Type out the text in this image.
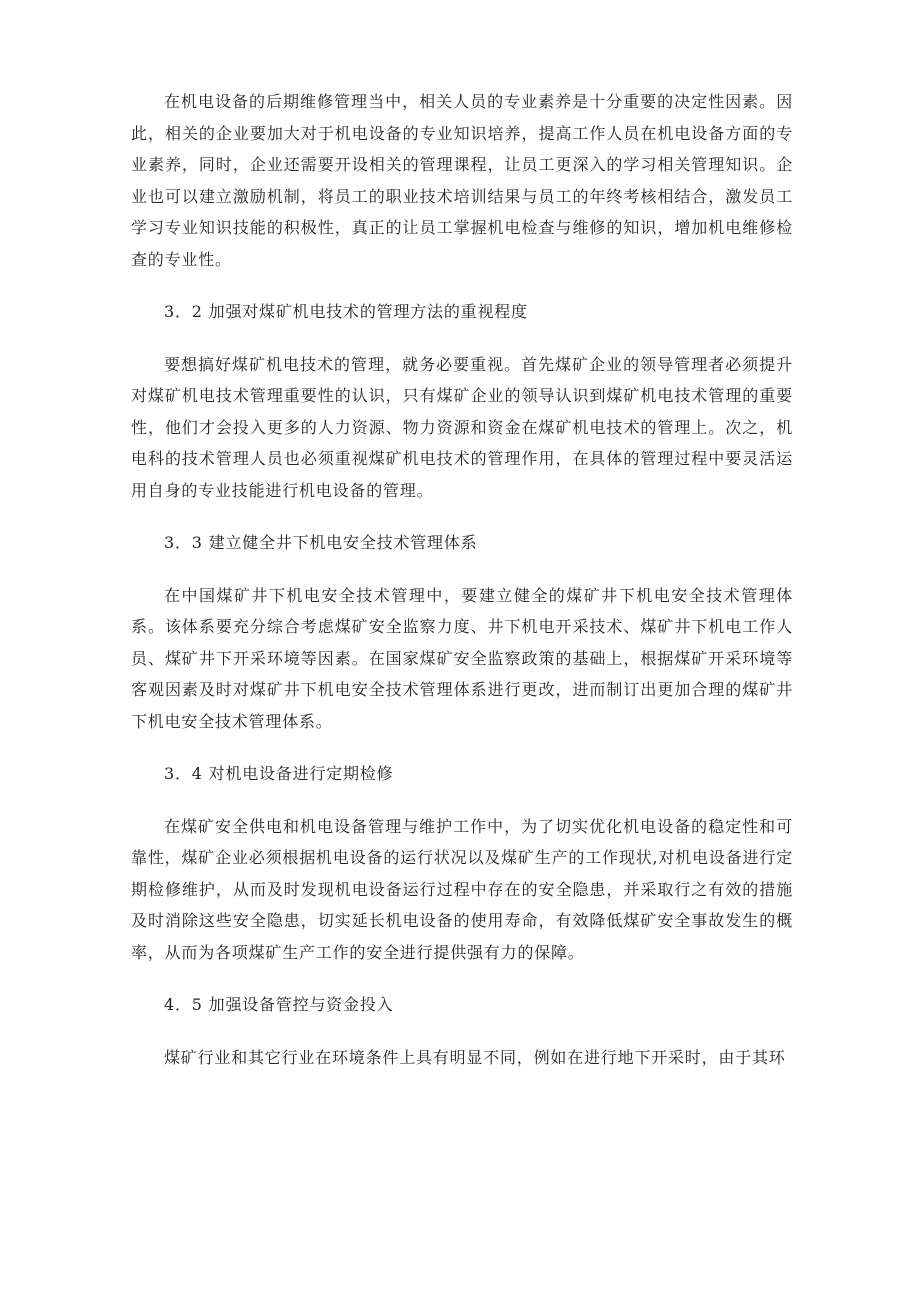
在机电设备的后期维修管理当中，相关人员的专业素养是十分重要的决定性因素。因此，相关的企业要加大对于机电设备的专业知识培养，提高工作人员在机电设备方面的专业素养，同时，企业还需要开设相关的管理课程，让员工更深入的学习相关管理知识。企业也可以建立激励机制，将员工的职业技术培训结果与员工的年终考核相结合，激发员工学习专业知识技能的积极性，真正的让员工掌握机电检查与维修的知识，增加机电维修检查的专业性。

3．2 加强对煤矿机电技术的管理方法的重视程度

要想搞好煤矿机电技术的管理，就务必要重视。首先煤矿企业的领导管理者必须提升对煤矿机电技术管理重要性的认识，只有煤矿企业的领导认识到煤矿机电技术管理的重要性，他们才会投入更多的人力资源、物力资源和资金在煤矿机电技术的管理上。次之，机电科的技术管理人员也必须重视煤矿机电技术的管理作用，在具体的管理过程中要灵活运用自身的专业技能进行机电设备的管理。

3．3 建立健全井下机电安全技术管理体系

在中国煤矿井下机电安全技术管理中，要建立健全的煤矿井下机电安全技术管理体系。该体系要充分综合考虑煤矿安全监察力度、井下机电开采技术、煤矿井下机电工作人员、煤矿井下开采环境等因素。在国家煤矿安全监察政策的基础上，根据煤矿开采环境等客观因素及时对煤矿井下机电安全技术管理体系进行更改，进而制订出更加合理的煤矿井下机电安全技术管理体系。

3．4 对机电设备进行定期检修

在煤矿安全供电和机电设备管理与维护工作中，为了切实优化机电设备的稳定性和可靠性，煤矿企业必须根据机电设备的运行状况以及煤矿生产的工作现状,对机电设备进行定期检修维护，从而及时发现机电设备运行过程中存在的安全隐患，并采取行之有效的措施及时消除这些安全隐患，切实延长机电设备的使用寿命，有效降低煤矿安全事故发生的概率，从而为各项煤矿生产工作的安全进行提供强有力的保障。

4．5 加强设备管控与资金投入

煤矿行业和其它行业在环境条件上具有明显不同，例如在进行地下开采时，由于其环
